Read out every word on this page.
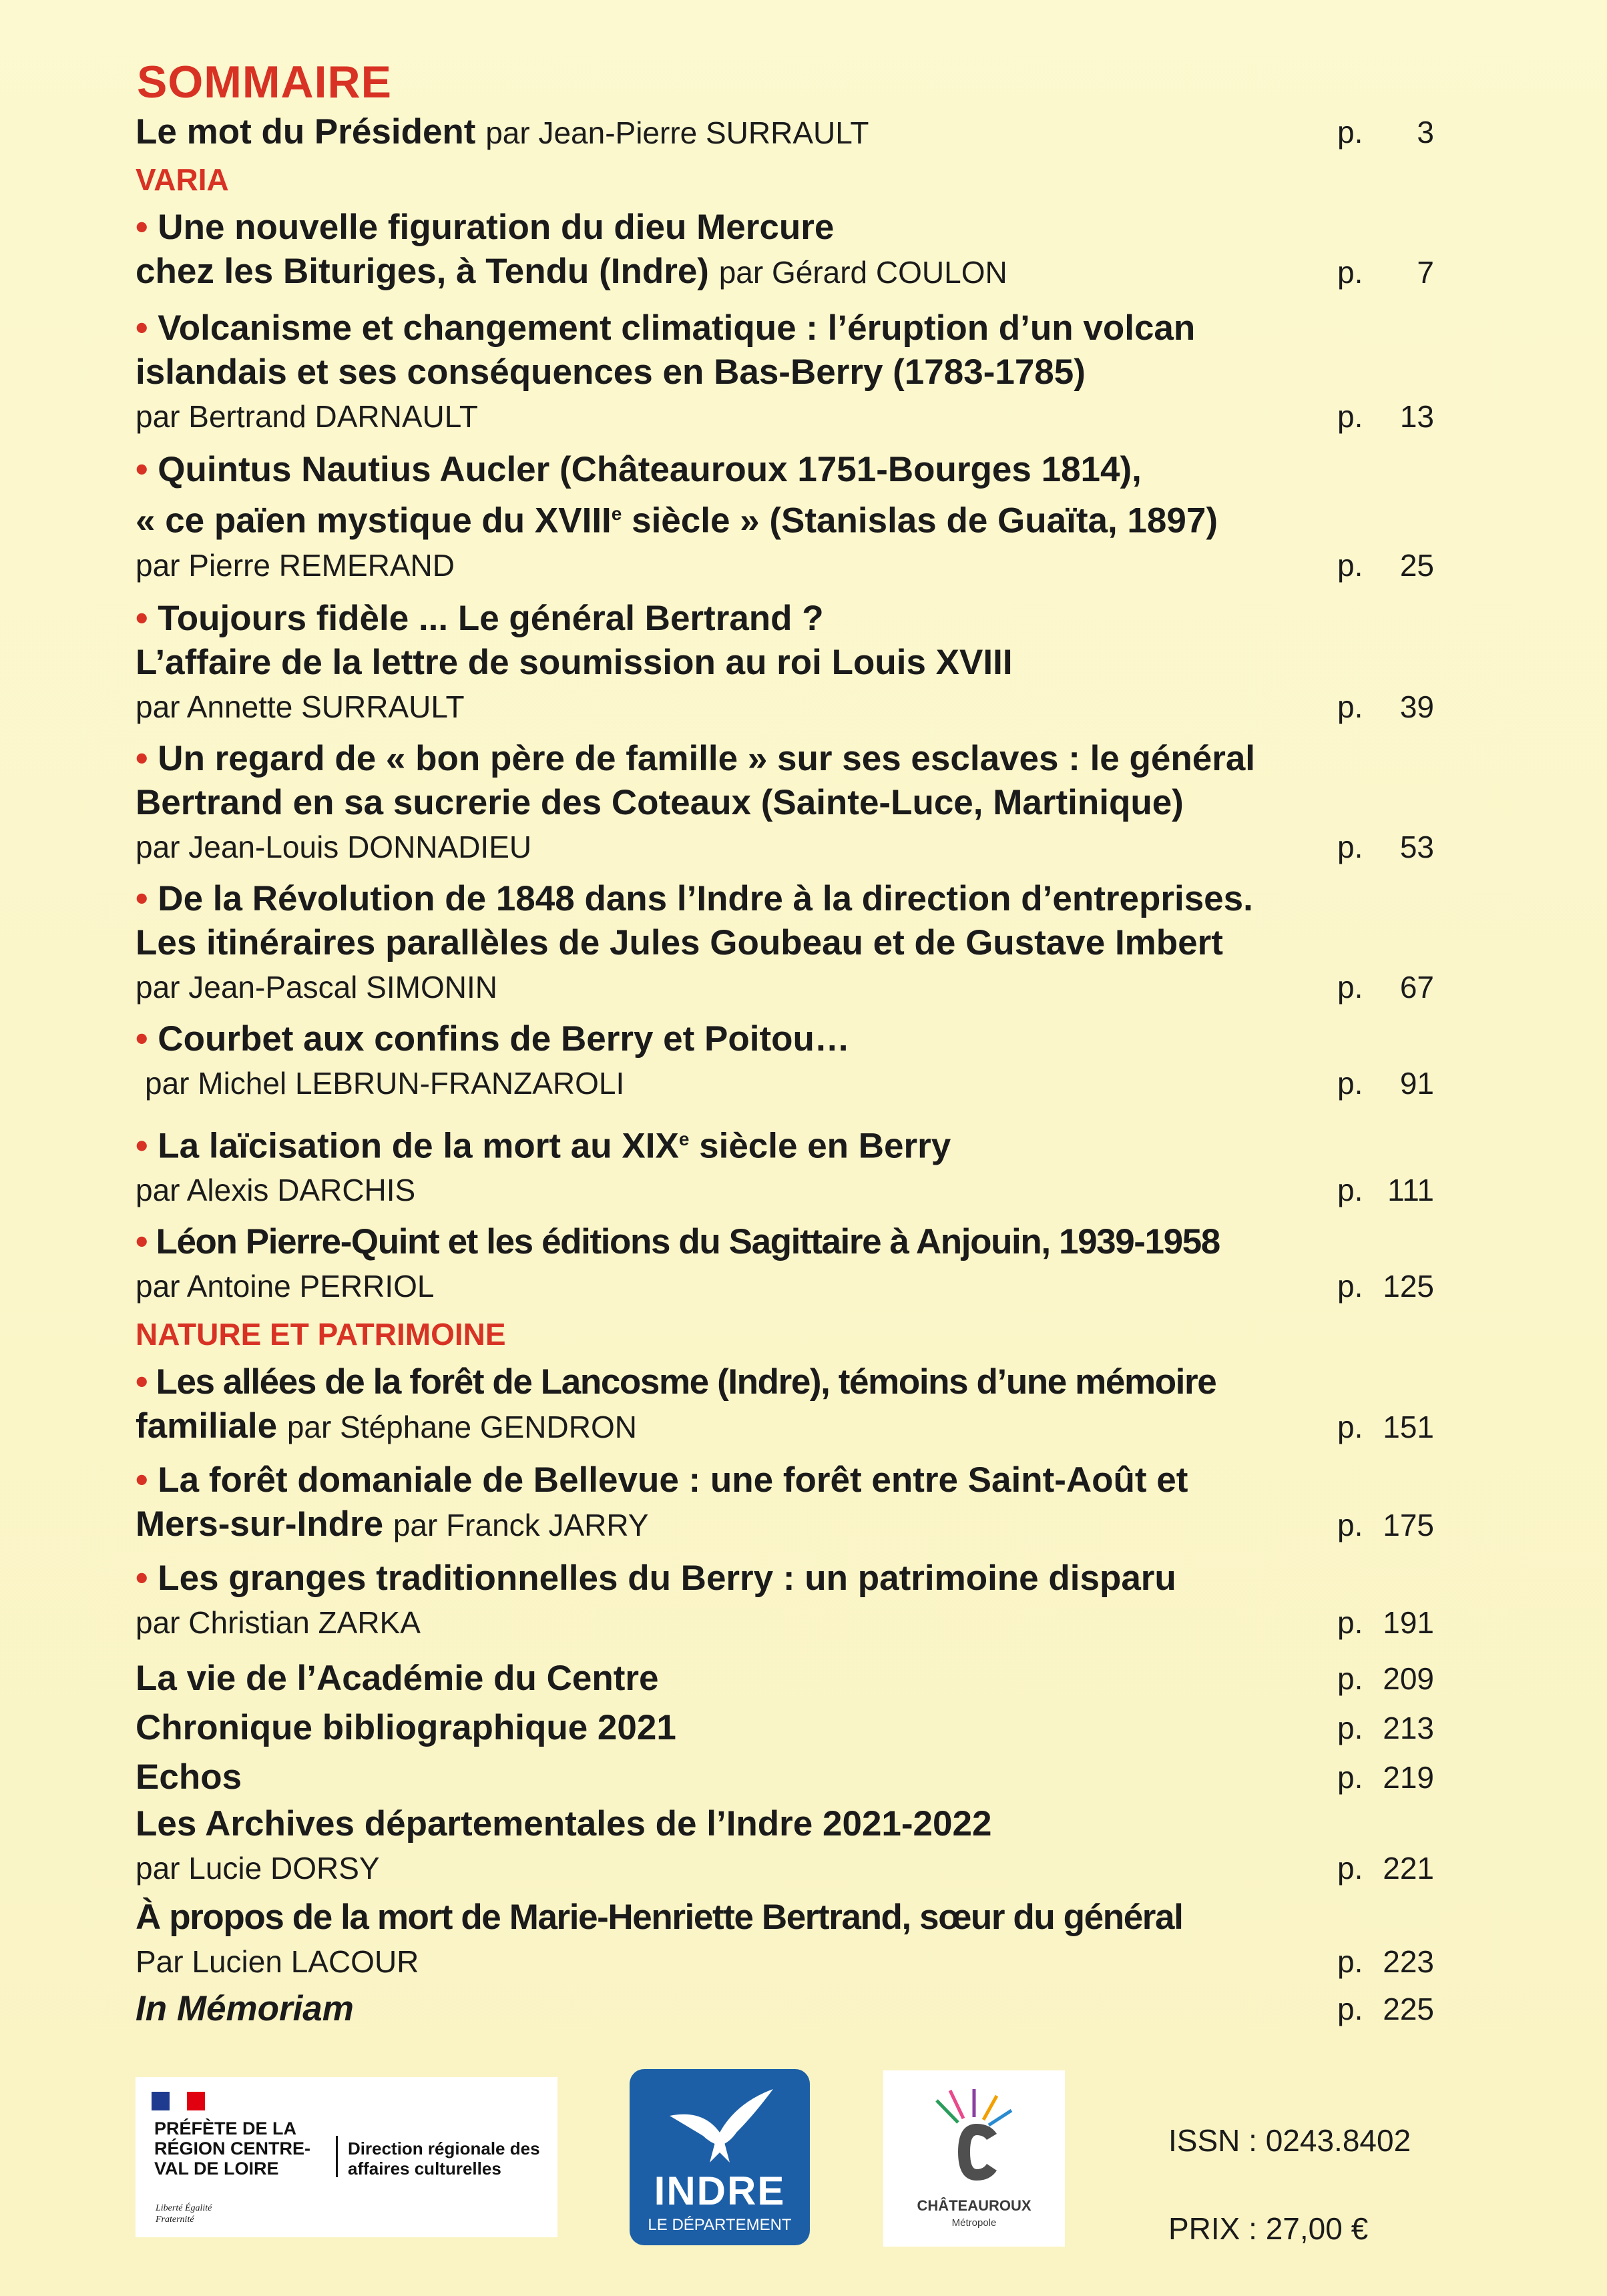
SOMMAIRE
Le mot du Président par Jean-Pierre SURRAULT	p. 3
VARIA
• Une nouvelle figuration du dieu Mercure
chez les Bituriges, à Tendu (Indre) par Gérard COULON	p. 7
• Volcanisme et changement climatique : l’éruption d’un volcan
islandais et ses conséquences en Bas-Berry (1783-1785)
par Bertrand DARNAULT	p. 13
• Quintus Nautius Aucler (Châteauroux 1751-Bourges 1814),
« ce païen mystique du XVIIIe siècle » (Stanislas de Guaïta, 1897)
par Pierre REMERAND	p. 25
• Toujours fidèle ... Le général Bertrand ?
L’affaire de la lettre de soumission au roi Louis XVIII
par Annette SURRAULT	p. 39
• Un regard de « bon père de famille » sur ses esclaves : le général
Bertrand en sa sucrerie des Coteaux (Sainte-Luce, Martinique)
par Jean-Louis DONNADIEU	p. 53
• De la Révolution de 1848 dans l’Indre à la direction d’entreprises.
Les itinéraires parallèles de Jules Goubeau et de Gustave Imbert
par Jean-Pascal SIMONIN	p. 67
• Courbet aux confins de Berry et Poitou…
par Michel LEBRUN-FRANZAROLI	p. 91
• La laïcisation de la mort au XIXe siècle en Berry
par Alexis DARCHIS	p. 111
• Léon Pierre-Quint et les éditions du Sagittaire à Anjouin, 1939-1958
par Antoine PERRIOL	p. 125
NATURE ET PATRIMOINE
• Les allées de la forêt de Lancosme (Indre), témoins d’une mémoire
familiale par Stéphane GENDRON	p. 151
• La forêt domaniale de Bellevue : une forêt entre Saint-Août et
Mers-sur-Indre par Franck JARRY	p. 175
• Les granges traditionnelles du Berry : un patrimoine disparu
par Christian ZARKA	p. 191
La vie de l’Académie du Centre	p. 209
Chronique bibliographique 2021	p. 213
Echos	p. 219
Les Archives départementales de l’Indre 2021-2022
par Lucie DORSY	p. 221
À propos de la mort de Marie-Henriette Bertrand, sœur du général
Par Lucien LACOUR	p. 223
In Mémoriam	p. 225
PRÉFÈTE DE LA RÉGION CENTRE-VAL DE LOIRE
Liberté Égalité Fraternité
Direction régionale des affaires culturelles	INDRE
LE DÉPARTEMENT
CHÂTEAUROUX
Métropole
ISSN : 0243.8402
PRIX : 27,00 €
